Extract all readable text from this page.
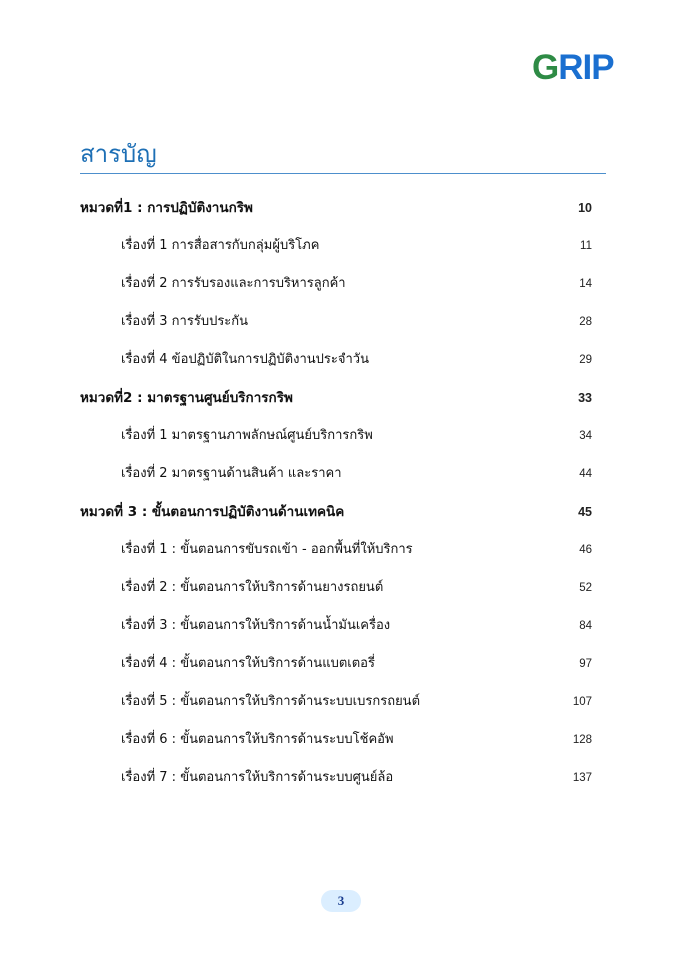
G RIP
สารบัญ
หมวดที่1 : การปฏิบัติงานกริพ	10
เรื่องที่ 1 การสื่อสารกับกลุ่มผู้บริโภค	11
เรื่องที่ 2 การรับรองและการบริหารลูกค้า	14
เรื่องที่ 3 การรับประกัน	28
เรื่องที่ 4 ข้อปฏิบัติในการปฏิบัติงานประจำวัน	29
หมวดที่2 : มาตรฐานศูนย์บริการกริพ	33
เรื่องที่ 1 มาตรฐานภาพลักษณ์ศูนย์บริการกริพ	34
เรื่องที่ 2 มาตรฐานด้านสินค้า และราคา	44
หมวดที่ 3 : ขั้นตอนการปฏิบัติงานด้านเทคนิค	45
เรื่องที่ 1 : ขั้นตอนการขับรถเข้า - ออกพื้นที่ให้บริการ	46
เรื่องที่ 2 : ขั้นตอนการให้บริการด้านยางรถยนต์	52
เรื่องที่ 3 : ขั้นตอนการให้บริการด้านน้ำมันเครื่อง	84
เรื่องที่ 4 : ขั้นตอนการให้บริการด้านแบตเตอรี่	97
เรื่องที่ 5 : ขั้นตอนการให้บริการด้านระบบเบรกรถยนต์	107
เรื่องที่ 6 : ขั้นตอนการให้บริการด้านระบบโช้คอัพ	128
เรื่องที่ 7 : ขั้นตอนการให้บริการด้านระบบศูนย์ล้อ	137
3
